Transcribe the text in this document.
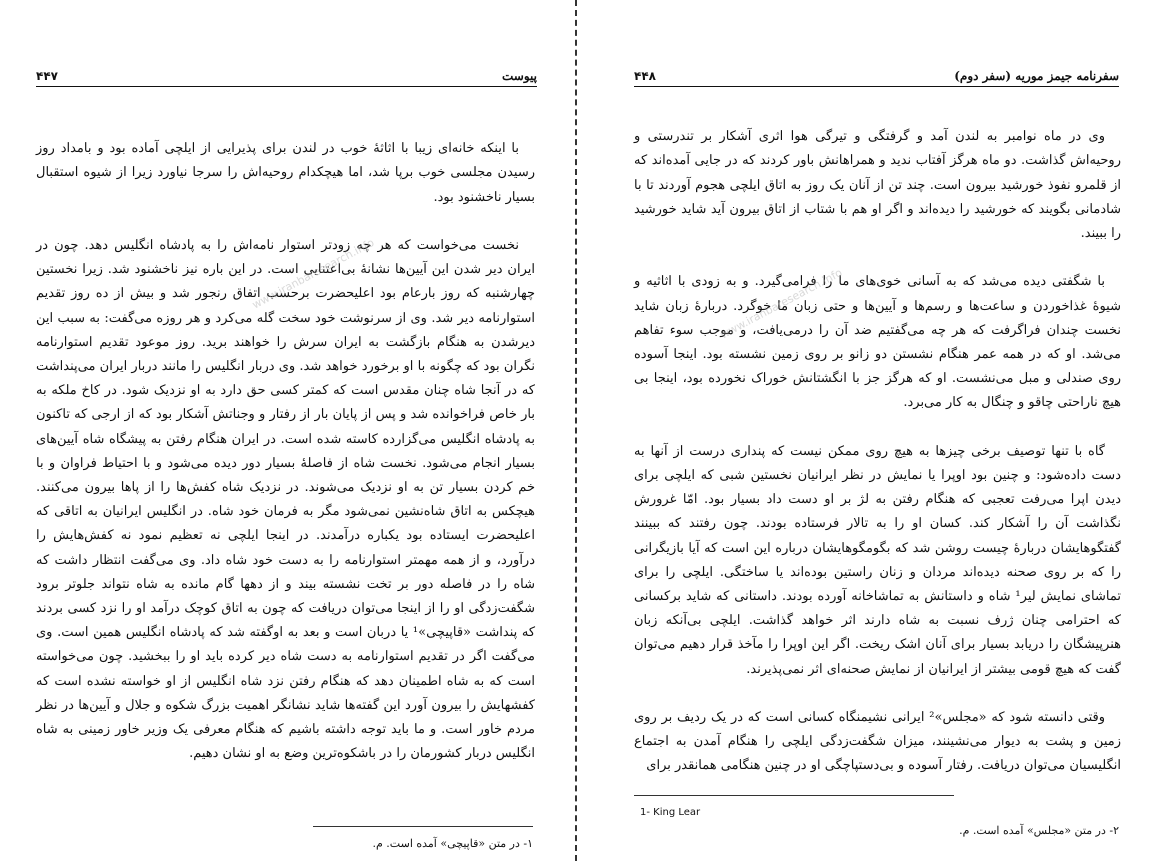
۴۴۷	پیوست

با اینکه خانه‌ای زیبا با اثاثهٔ خوب در لندن برای پذیرایی از ایلچی آماده بود و بامداد روز رسیدن مجلسی خوب برپا شد، اما هیچکدام روحیه‌اش را سرجا نیاورد زیرا از شیوه استقبال بسیار ناخشنود بود.

نخست می‌خواست که هر چه زودتر استوار نامه‌اش را به پادشاه انگلیس دهد. چون در ایران دیر شدن این آیین‌ها نشانهٔ بی‌اعتنایی است. در این باره نیز ناخشنود شد. زیرا نخستین چهارشنبه که روز بارعام بود اعلیحضرت برحسب اتفاق رنجور شد و بیش از ده روز تقدیم استوارنامه دیر شد. وی از سرنوشت خود سخت گله می‌کرد و هر روزه می‌گفت: به سبب این دیرشدن به هنگام بازگشت به ایران سرش را خواهند برید. روز موعود تقدیم استوارنامه نگران بود که چگونه با او برخورد خواهد شد. وی دربار انگلیس را مانند دربار ایران می‌پنداشت که در آنجا شاه چنان مقدس است که کمتر کسی حق دارد به او نزدیک شود. در کاخ ملکه به بار خاص فراخوانده شد و پس از پایان بار از رفتار و وجناتش آشکار بود که از ارجی که تاکنون به پادشاه انگلیس می‌گزارده کاسته شده است. در ایران هنگام رفتن به پیشگاه شاه آیین‌های بسیار انجام می‌شود. نخست شاه از فاصلهٔ بسیار دور دیده می‌شود و با احتیاط فراوان و با خم کردن بسیار تن به او نزدیک می‌شوند. در نزدیک شاه کفش‌ها را از پاها بیرون می‌کنند. هیچکس به اتاق شاه‌نشین نمی‌شود مگر به فرمان خود شاه. در انگلیس ایرانیان به اتاقی که اعلیحضرت ایستاده بود یکباره درآمدند. در اینجا ایلچی نه تعظیم نمود نه کفش‌هایش را درآورد، و از همه مهمتر استوارنامه را به دست خود شاه داد. وی می‌گفت انتظار داشت که شاه را در فاصله دور بر تخت نشسته بیند و از دهها گام مانده به شاه نتواند جلوتر برود شگفت‌زدگی او را از اینجا می‌توان دریافت که چون به اتاق کوچک درآمد او را نزد کسی بردند که پنداشت «قاپیچی»¹ یا دربان است و بعد به اوگفته شد که پادشاه انگلیس همین است. وی می‌گفت اگر در تقدیم استوارنامه به دست شاه دیر کرده باید او را ببخشید. چون می‌خواسته است که به شاه اطمینان دهد که هنگام رفتن نزد شاه انگلیس از او خواسته نشده است که کفشهایش را بیرون آورد این گفته‌ها شاید نشانگر اهمیت بزرگ شکوه و جلال و آیین‌ها در نظر مردم خاور است. و ما باید توجه داشته باشیم که هنگام معرفی یک وزیر خاور زمینی به شاه انگلیس دربار کشورمان را در باشکوه‌ترین وضع به او نشان دهیم.

۱- در متن «قاپیچی» آمده است. م.
www.iranbaresearch.info
۴۴۸	سفرنامه جیمز موریه (سفر دوم)

وی در ماه نوامبر به لندن آمد و گرفتگی و تیرگی هوا اثری آشکار بر تندرستی و روحیه‌اش گذاشت. دو ماه هرگز آفتاب ندید و همراهانش باور کردند که در جایی آمده‌اند که از قلمرو نفوذ خورشید بیرون است. چند تن از آنان یک روز به اتاق ایلچی هجوم آوردند تا با شادمانی بگویند که خورشید را دیده‌اند و اگر او هم با شتاب از اتاق بیرون آید شاید خورشید را ببیند.

با شگفتی دیده می‌شد که به آسانی خوی‌های ما را فرامی‌گیرد. و به زودی با اثاثیه و شیوهٔ غذاخوردن و ساعت‌ها و رسم‌ها و آیین‌ها و حتی زبان ما خوگرد. دربارهٔ زبان شاید نخست چندان فراگرفت که هر چه می‌گفتیم ضد آن را درمی‌یافت، و موجب سوء تفاهم می‌شد. او که در همه عمر هنگام نشستن دو زانو بر روی زمین نشسته بود. اینجا آسوده روی صندلی و مبل می‌نشست. او که هرگز جز با انگشتانش خوراک نخورده بود، اینجا بی هیچ ناراحتی چاقو و چنگال به کار می‌برد.

گاه با تنها توصیف برخی چیزها به هیچ روی ممکن نیست که پنداری درست از آنها به دست داده‌شود: و چنین بود اوپرا یا نمایش در نظر ایرانیان نخستین شبی که ایلچی برای دیدن اپرا می‌رفت تعجبی که هنگام رفتن به لژ بر او دست داد بسیار بود. امّا غرورش نگذاشت آن را آشکار کند. کسان او را به تالار فرستاده بودند. چون رفتند که ببینند گفتگوهایشان دربارهٔ چیست روشن شد که بگومگوهایشان درباره این است که آیا بازیگرانی را که بر روی صحنه دیده‌اند مردان و زنان راستین بوده‌اند یا ساختگی. ایلچی را برای تماشای نمایش لیر¹ شاه و داستانش به تماشاخانه آورده بودند. داستانی که شاید برکسانی که احترامی چنان ژرف نسبت به شاه دارند اثر خواهد گذاشت. ایلچی بی‌آنکه زبان هنرپیشگان را دریابد بسیار برای آنان اشک ریخت. اگر این اوپرا را مآخذ قرار دهیم می‌توان گفت که هیچ قومی بیشتر از ایرانیان از نمایش صحنه‌ای اثر نمی‌پذیرند.

وقتی دانسته شود که «مجلس»² ایرانی نشیمنگاه کسانی است که در یک ردیف بر روی زمین و پشت به دیوار می‌نشینند، میزان شگفت‌زدگی ایلچی را هنگام آمدن به اجتماع انگلیسیان می‌توان دریافت. رفتار آسوده و بی‌دستپاچگی او در چنین هنگامی همانقدر برای

1- King Lear
۲- در متن «مجلس» آمده است. م.
www.iranbaresearch.info
